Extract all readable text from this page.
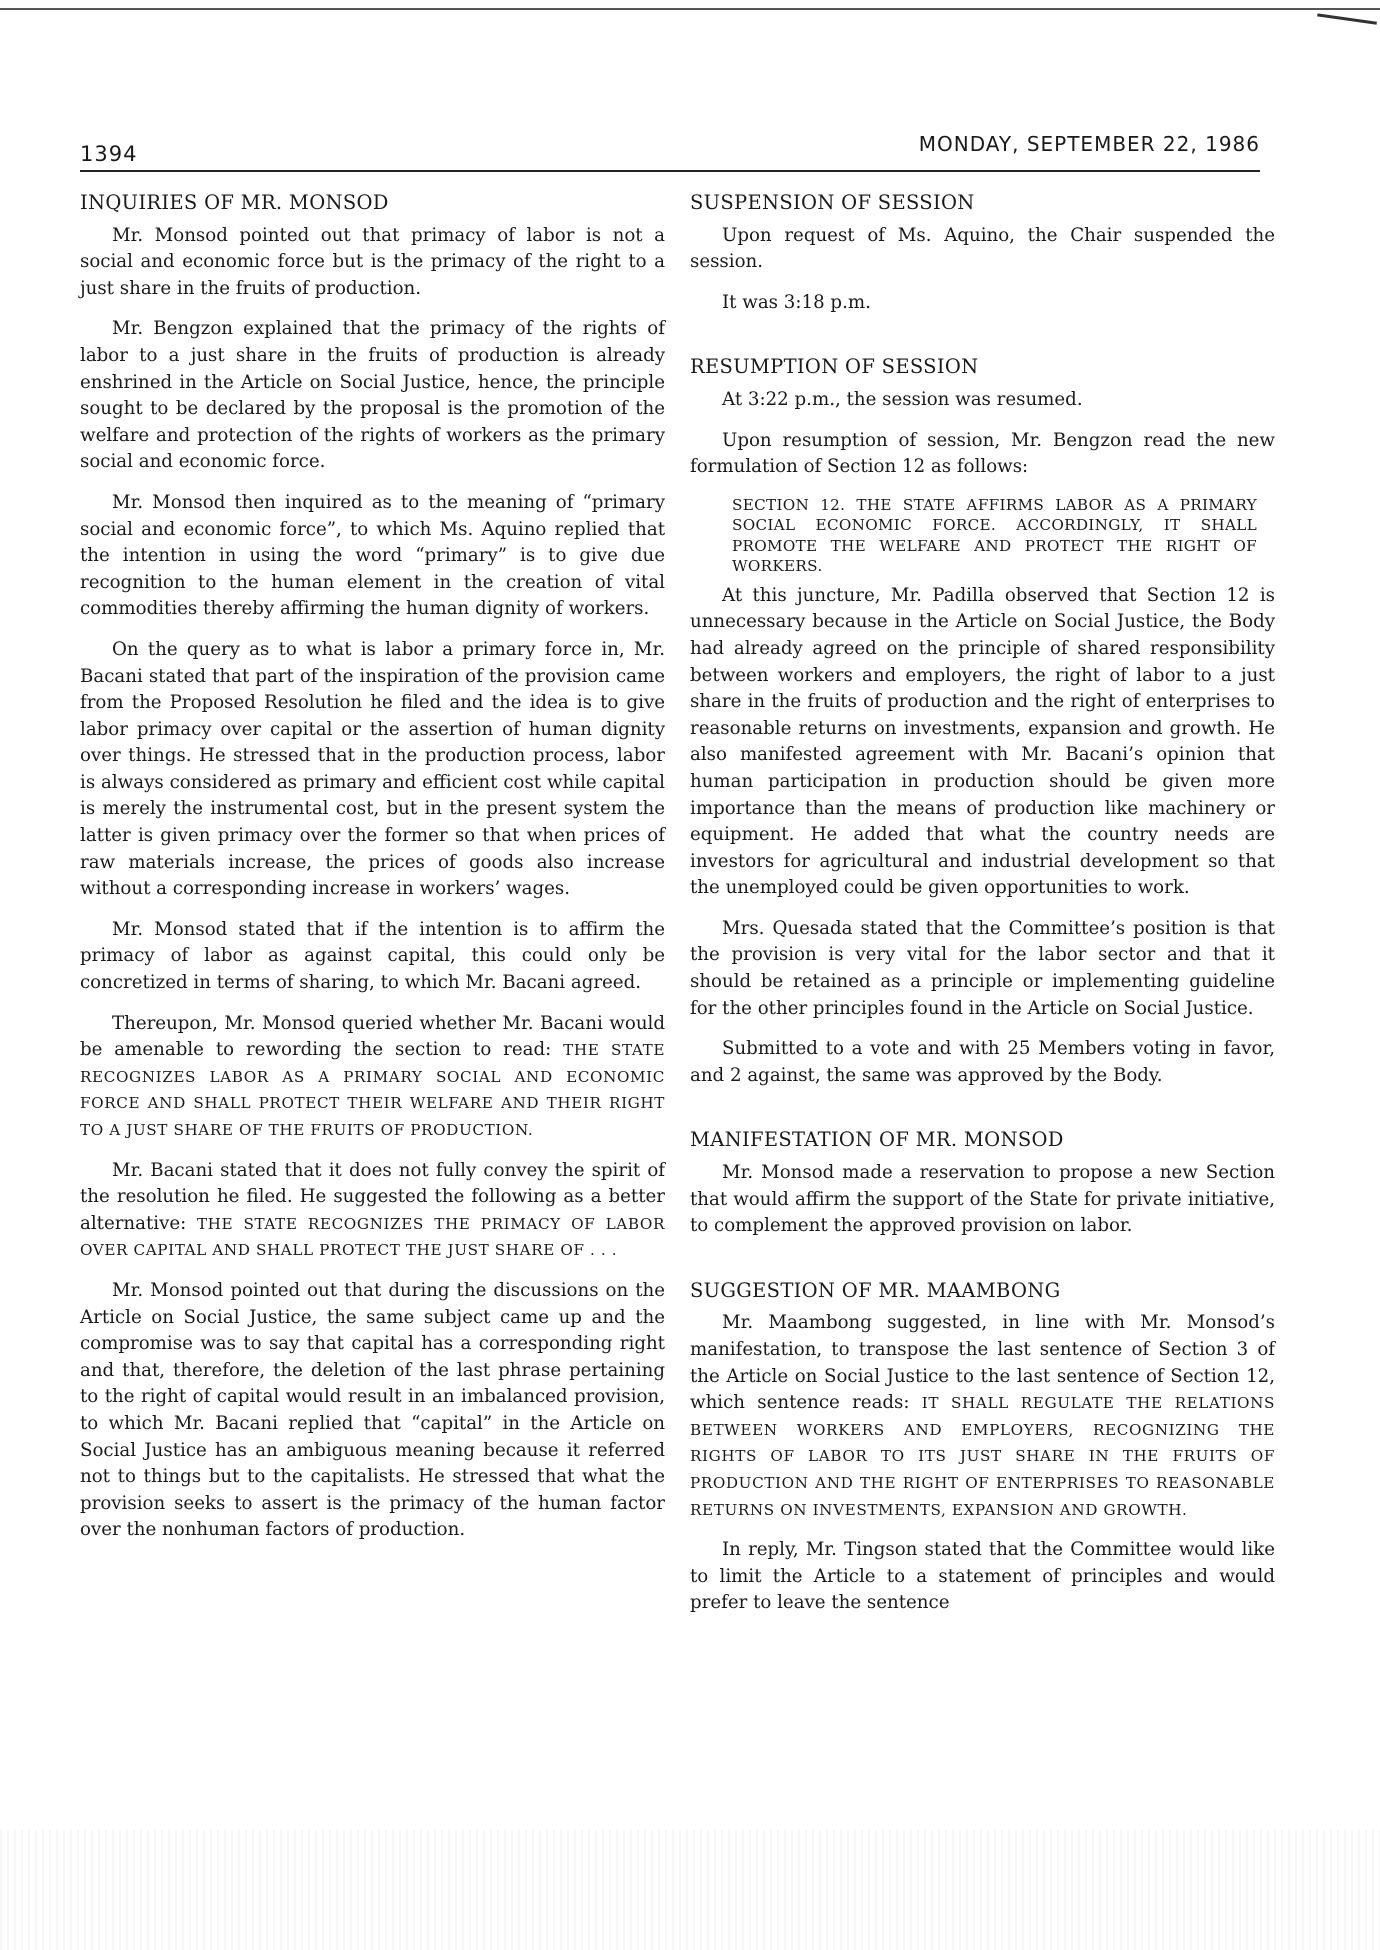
1394	MONDAY, SEPTEMBER 22, 1986
INQUIRIES OF MR. MONSOD

Mr. Monsod pointed out that primacy of labor is not a social and economic force but is the primacy of the right to a just share in the fruits of production.

Mr. Bengzon explained that the primacy of the rights of labor to a just share in the fruits of production is already enshrined in the Article on Social Justice, hence, the principle sought to be declared by the proposal is the promotion of the welfare and protection of the rights of workers as the primary social and economic force.

Mr. Monsod then inquired as to the meaning of “primary social and economic force”, to which Ms. Aquino replied that the intention in using the word “primary” is to give due recognition to the human element in the creation of vital commodities thereby affirming the human dignity of workers.

On the query as to what is labor a primary force in, Mr. Bacani stated that part of the inspiration of the provision came from the Proposed Resolution he filed and the idea is to give labor primacy over capital or the assertion of human dignity over things. He stressed that in the production process, labor is always considered as primary and efficient cost while capital is merely the instrumental cost, but in the present system the latter is given primacy over the former so that when prices of raw materials increase, the prices of goods also increase without a corresponding increase in workers’ wages.

Mr. Monsod stated that if the intention is to affirm the primacy of labor as against capital, this could only be concretized in terms of sharing, to which Mr. Bacani agreed.

Thereupon, Mr. Monsod queried whether Mr. Bacani would be amenable to rewording the section to read: THE STATE RECOGNIZES LABOR AS A PRIMARY SOCIAL AND ECONOMIC FORCE AND SHALL PROTECT THEIR WELFARE AND THEIR RIGHT TO A JUST SHARE OF THE FRUITS OF PRODUCTION.

Mr. Bacani stated that it does not fully convey the spirit of the resolution he filed. He suggested the following as a better alternative: THE STATE RECOGNIZES THE PRIMACY OF LABOR OVER CAPITAL AND SHALL PROTECT THE JUST SHARE OF . . .

Mr. Monsod pointed out that during the discussions on the Article on Social Justice, the same subject came up and the compromise was to say that capital has a corresponding right and that, therefore, the deletion of the last phrase pertaining to the right of capital would result in an imbalanced provision, to which Mr. Bacani replied that “capital” in the Article on Social Justice has an ambiguous meaning because it referred not to things but to the capitalists. He stressed that what the provision seeks to assert is the primacy of the human factor over the nonhuman factors of production.

SUSPENSION OF SESSION

Upon request of Ms. Aquino, the Chair suspended the session.

It was 3:18 p.m.

RESUMPTION OF SESSION

At 3:22 p.m., the session was resumed.

Upon resumption of session, Mr. Bengzon read the new formulation of Section 12 as follows:

SECTION 12. THE STATE AFFIRMS LABOR AS A PRIMARY SOCIAL ECONOMIC FORCE. ACCORDINGLY, IT SHALL PROMOTE THE WELFARE AND PROTECT THE RIGHT OF WORKERS.

At this juncture, Mr. Padilla observed that Section 12 is unnecessary because in the Article on Social Justice, the Body had already agreed on the principle of shared responsibility between workers and employers, the right of labor to a just share in the fruits of production and the right of enterprises to reasonable returns on investments, expansion and growth. He also manifested agreement with Mr. Bacani’s opinion that human participation in production should be given more importance than the means of production like machinery or equipment. He added that what the country needs are investors for agricultural and industrial development so that the unemployed could be given opportunities to work.

Mrs. Quesada stated that the Committee’s position is that the provision is very vital for the labor sector and that it should be retained as a principle or implementing guideline for the other principles found in the Article on Social Justice.

Submitted to a vote and with 25 Members voting in favor, and 2 against, the same was approved by the Body.

MANIFESTATION OF MR. MONSOD

Mr. Monsod made a reservation to propose a new Section that would affirm the support of the State for private initiative, to complement the approved provision on labor.

SUGGESTION OF MR. MAAMBONG

Mr. Maambong suggested, in line with Mr. Monsod’s manifestation, to transpose the last sentence of Section 3 of the Article on Social Justice to the last sentence of Section 12, which sentence reads: IT SHALL REGULATE THE RELATIONS BETWEEN WORKERS AND EMPLOYERS, RECOGNIZING THE RIGHTS OF LABOR TO ITS JUST SHARE IN THE FRUITS OF PRODUCTION AND THE RIGHT OF ENTERPRISES TO REASONABLE RETURNS ON INVESTMENTS, EXPANSION AND GROWTH.

In reply, Mr. Tingson stated that the Committee would like to limit the Article to a statement of principles and would prefer to leave the sentence
